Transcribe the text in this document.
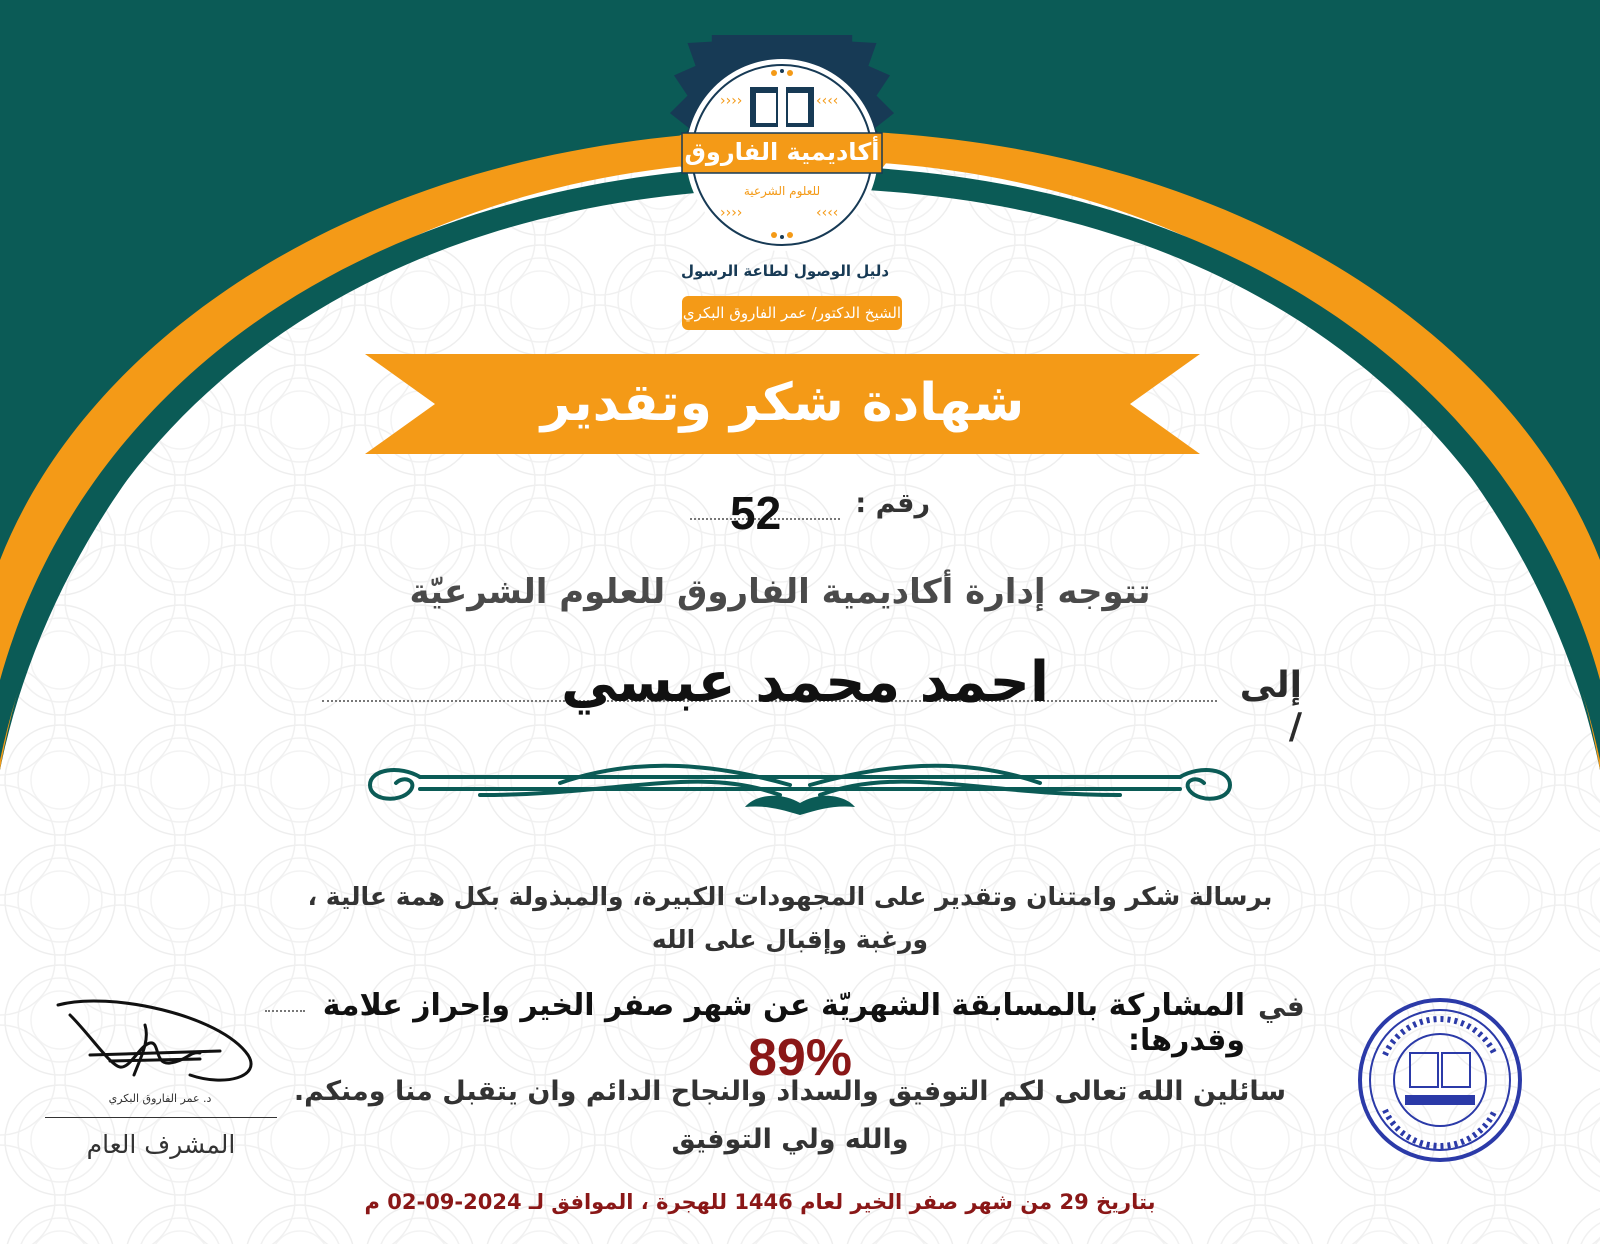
››››	‹‹‹‹
››››	‹‹‹‹
أكاديمية الفاروق
للعلوم الشرعية
دليل الوصول لطاعة الرسول
الشيخ الدكتور/ عمر الفاروق البكري
شهادة شكر وتقدير
52	رقم :
تتوجه إدارة أكاديمية الفاروق للعلوم الشرعيّة
إلى /
احمد محمد عبسي
برسالة شكر وامتنان وتقدير على المجهودات الكبيرة، والمبذولة بكل همة عالية ،
ورغبة وإقبال على الله
في
المشاركة بالمسابقة الشهريّة عن شهر صفر الخير وإحراز علامة وقدرها:
89%
سائلين الله تعالى لكم التوفيق والسداد والنجاح الدائم وان يتقبل منا ومنكم.
والله ولي التوفيق
بتاريخ 29 من شهر صفر الخير لعام 1446 للهجرة ، الموافق لـ 2024-09-02 م
د. عمر الفاروق البكري
المشرف العام
